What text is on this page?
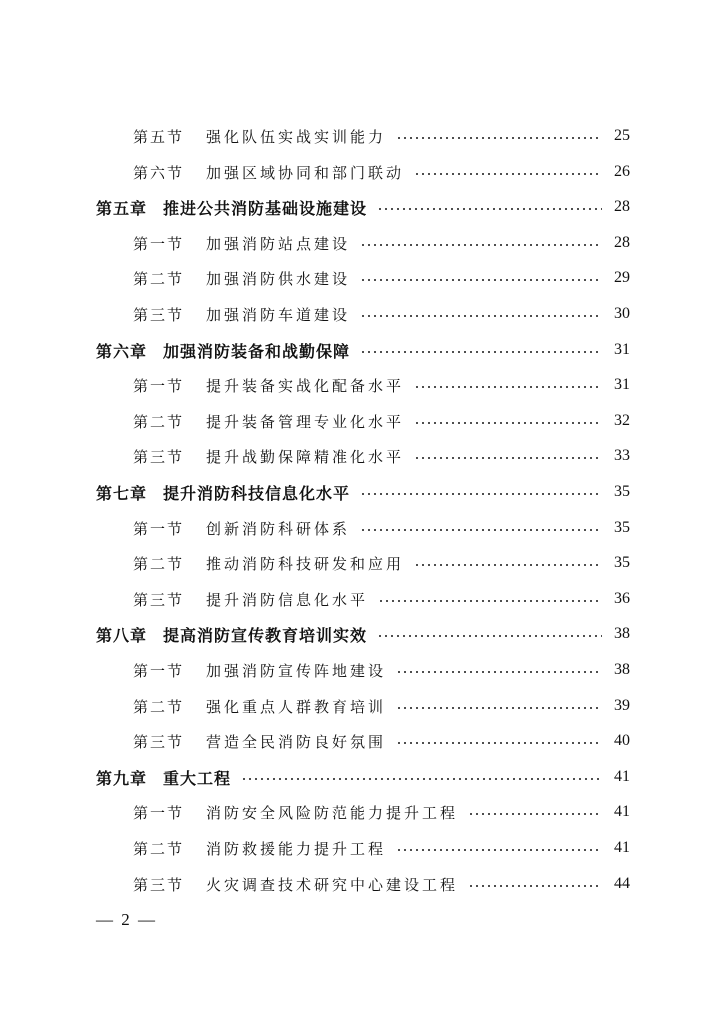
第五节 强化队伍实战实训能力	25
第六节 加强区域协同和部门联动	26
第五章 推进公共消防基础设施建设	28
第一节 加强消防站点建设	28
第二节 加强消防供水建设	29
第三节 加强消防车道建设	30
第六章 加强消防装备和战勤保障	31
第一节 提升装备实战化配备水平	31
第二节 提升装备管理专业化水平	32
第三节 提升战勤保障精准化水平	33
第七章 提升消防科技信息化水平	35
第一节 创新消防科研体系	35
第二节 推动消防科技研发和应用	35
第三节 提升消防信息化水平	36
第八章 提高消防宣传教育培训实效	38
第一节 加强消防宣传阵地建设	38
第二节 强化重点人群教育培训	39
第三节 营造全民消防良好氛围	40
第九章 重大工程	41
第一节 消防安全风险防范能力提升工程	41
第二节 消防救援能力提升工程	41
第三节 火灾调查技术研究中心建设工程	44
— 2 —
